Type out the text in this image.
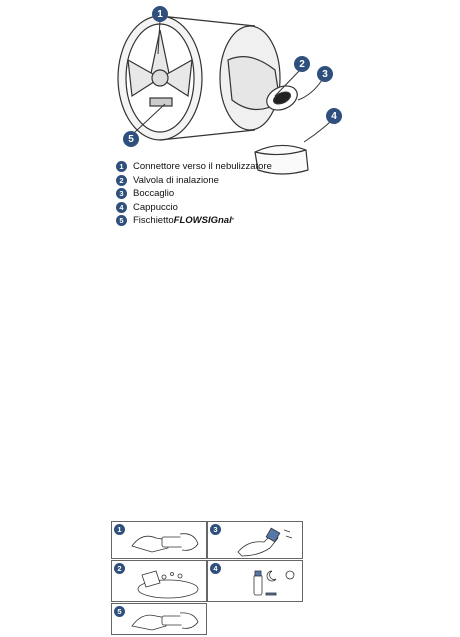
1
2
3
4
5
1 Connettore verso il nebulizzatore
2 Valvola di inalazione
3 Boccaglio
4 Cappuccio
5 Fischietto FLOWSIGnal *
1	3
2	4
5
